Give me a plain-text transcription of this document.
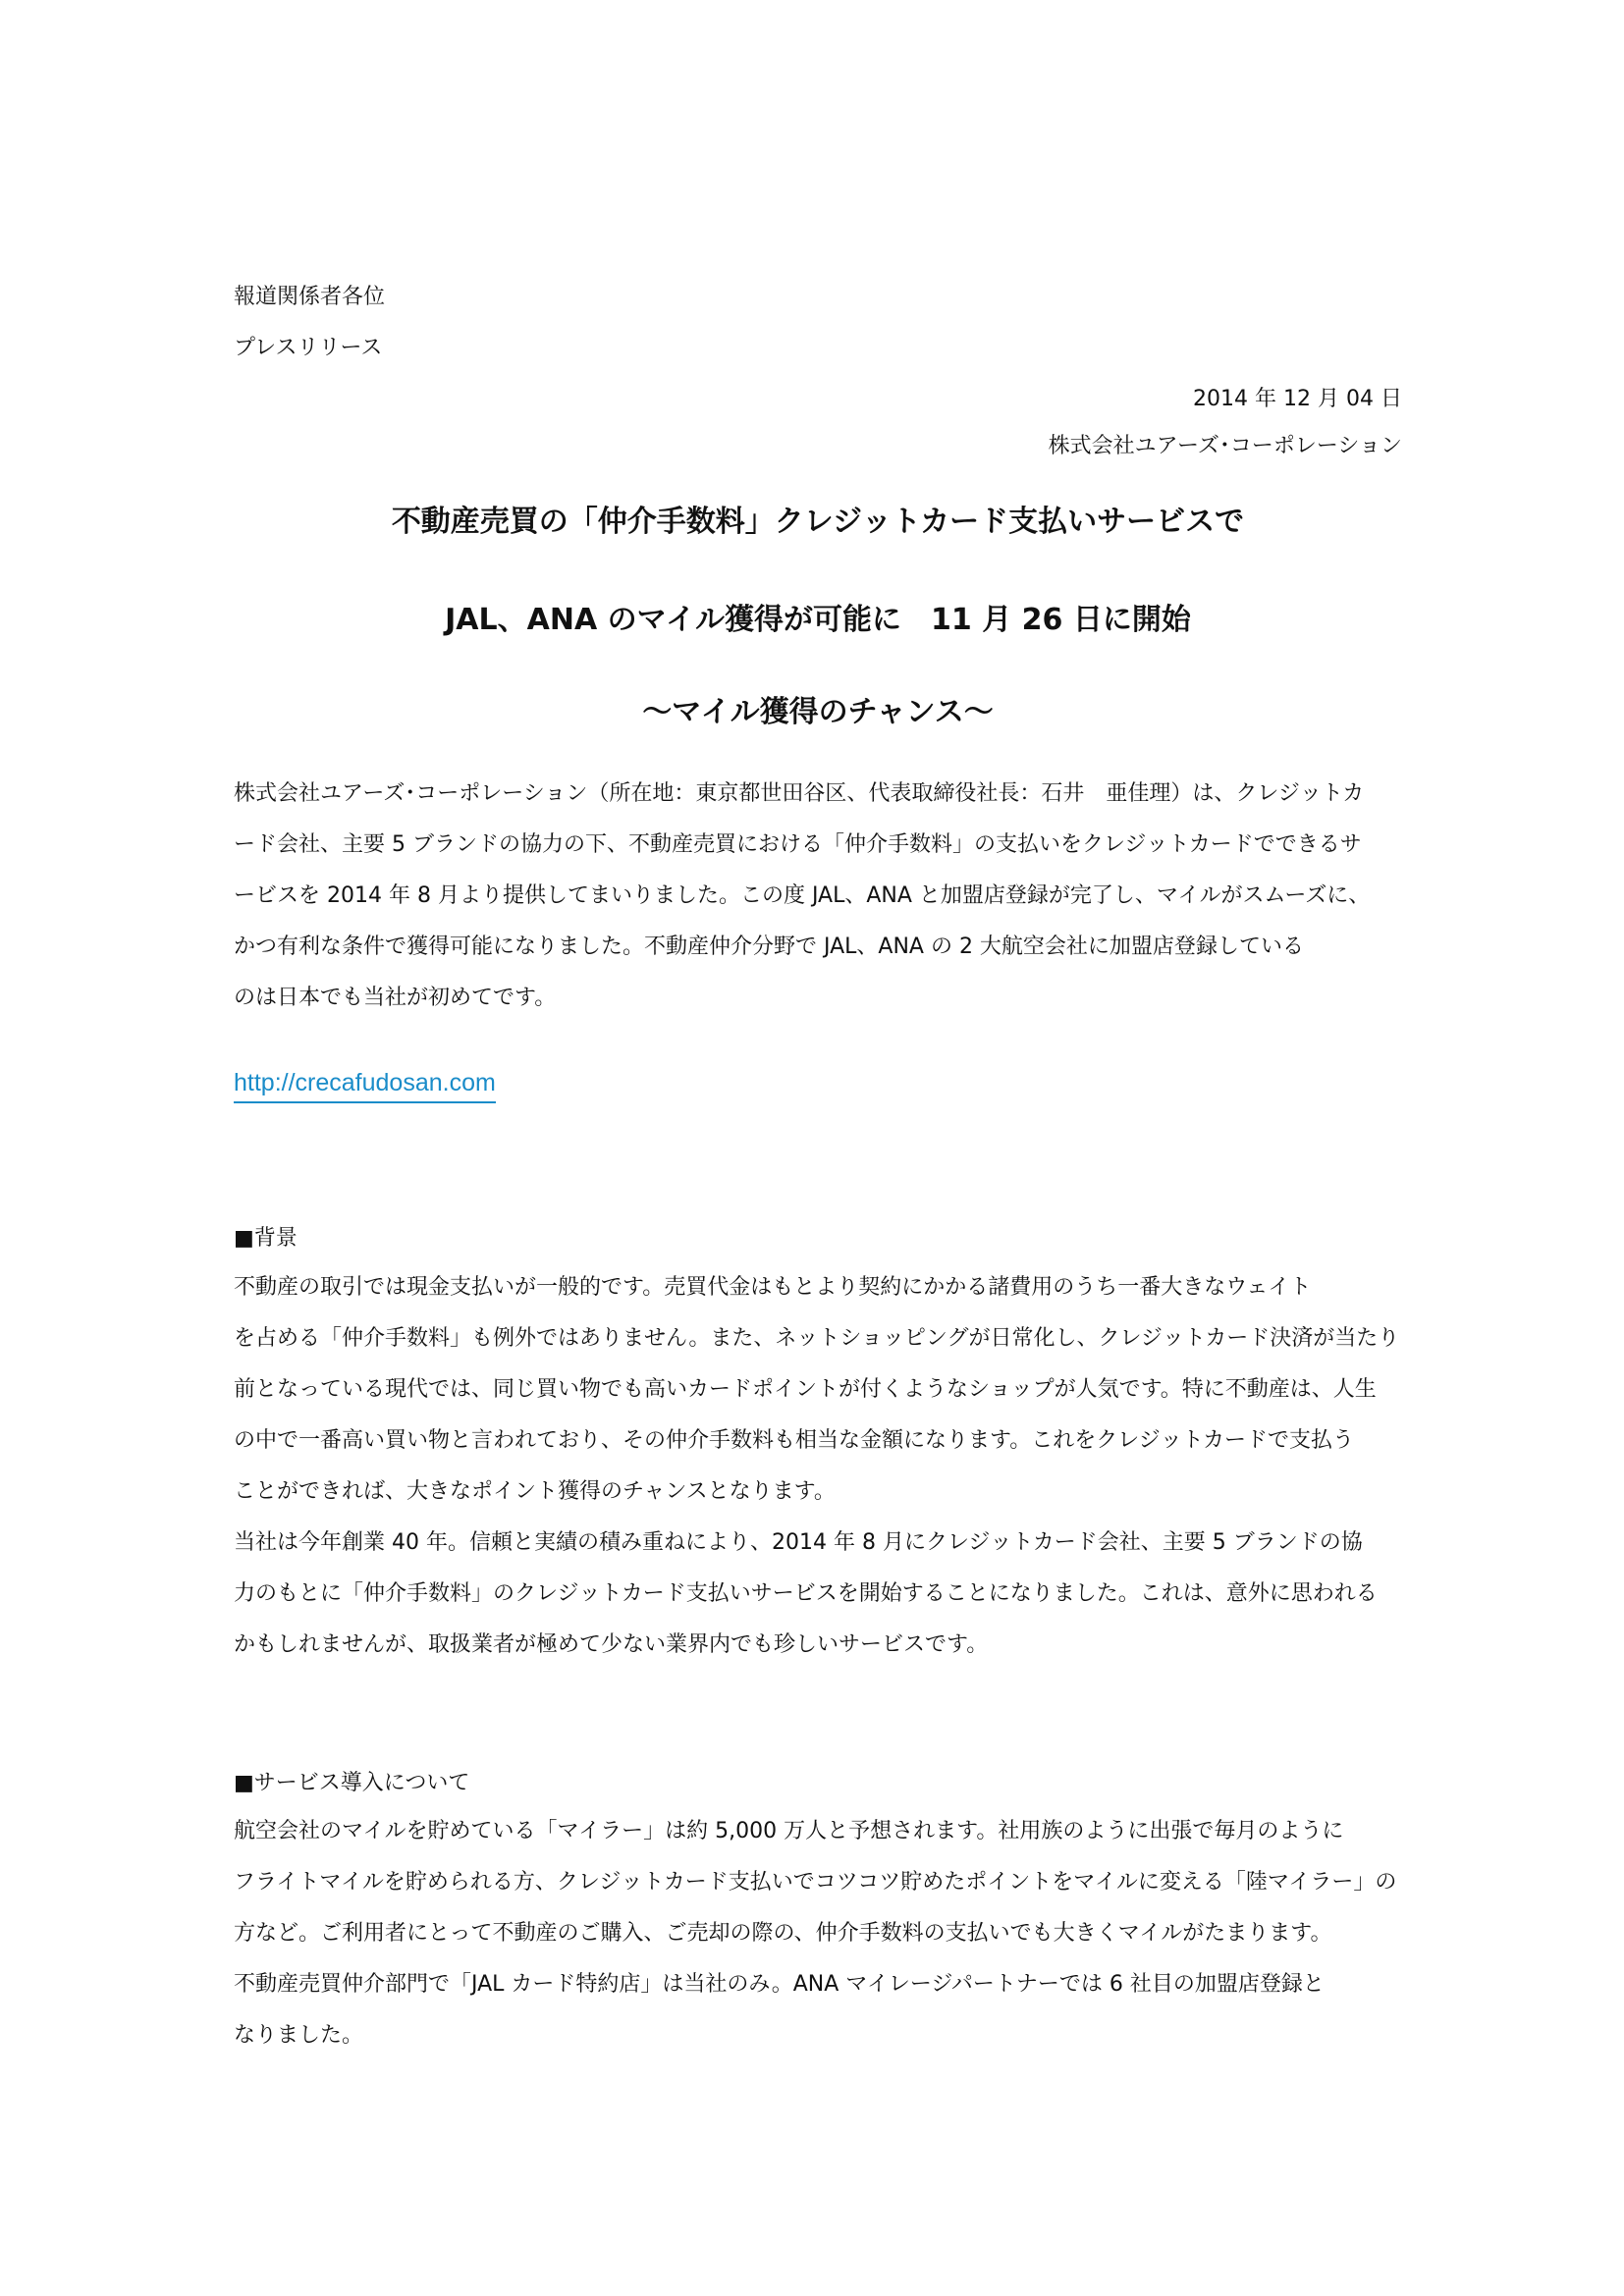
報道関係者各位
プレスリリース
2014 年 12 月 04 日
株式会社ユアーズ･コーポレーション
不動産売買の「仲介手数料」クレジットカード支払いサービスで
JAL、ANA のマイル獲得が可能に　11 月 26 日に開始
～マイル獲得のチャンス～
株式会社ユアーズ･コーポレーション（所在地：東京都世田谷区、代表取締役社長：石井　亜佳理）は、クレジットカ
ード会社、主要 5 ブランドの協力の下、不動産売買における「仲介手数料」の支払いをクレジットカードでできるサ
ービスを 2014 年 8 月より提供してまいりました。この度 JAL、ANA と加盟店登録が完了し、マイルがスムーズに、
かつ有利な条件で獲得可能になりました。不動産仲介分野で JAL、ANA の 2 大航空会社に加盟店登録している
のは日本でも当社が初めてです。
http://crecafudosan.com
■背景
不動産の取引では現金支払いが一般的です。売買代金はもとより契約にかかる諸費用のうち一番大きなウェイト
を占める「仲介手数料」も例外ではありません。また、ネットショッピングが日常化し、クレジットカード決済が当たり
前となっている現代では、同じ買い物でも高いカードポイントが付くようなショップが人気です。特に不動産は、人生
の中で一番高い買い物と言われており、その仲介手数料も相当な金額になります。これをクレジットカードで支払う
ことができれば、大きなポイント獲得のチャンスとなります。
当社は今年創業 40 年。信頼と実績の積み重ねにより、2014 年 8 月にクレジットカード会社、主要 5 ブランドの協
力のもとに「仲介手数料」のクレジットカード支払いサービスを開始することになりました。これは、意外に思われる
かもしれませんが、取扱業者が極めて少ない業界内でも珍しいサービスです。
■サービス導入について
航空会社のマイルを貯めている「マイラー」は約 5,000 万人と予想されます。社用族のように出張で毎月のように
フライトマイルを貯められる方、クレジットカード支払いでコツコツ貯めたポイントをマイルに変える「陸マイラー」の
方など。ご利用者にとって不動産のご購入、ご売却の際の、仲介手数料の支払いでも大きくマイルがたまります。
不動産売買仲介部門で「JAL カード特約店」は当社のみ。ANA マイレージパートナーでは 6 社目の加盟店登録と
なりました。
